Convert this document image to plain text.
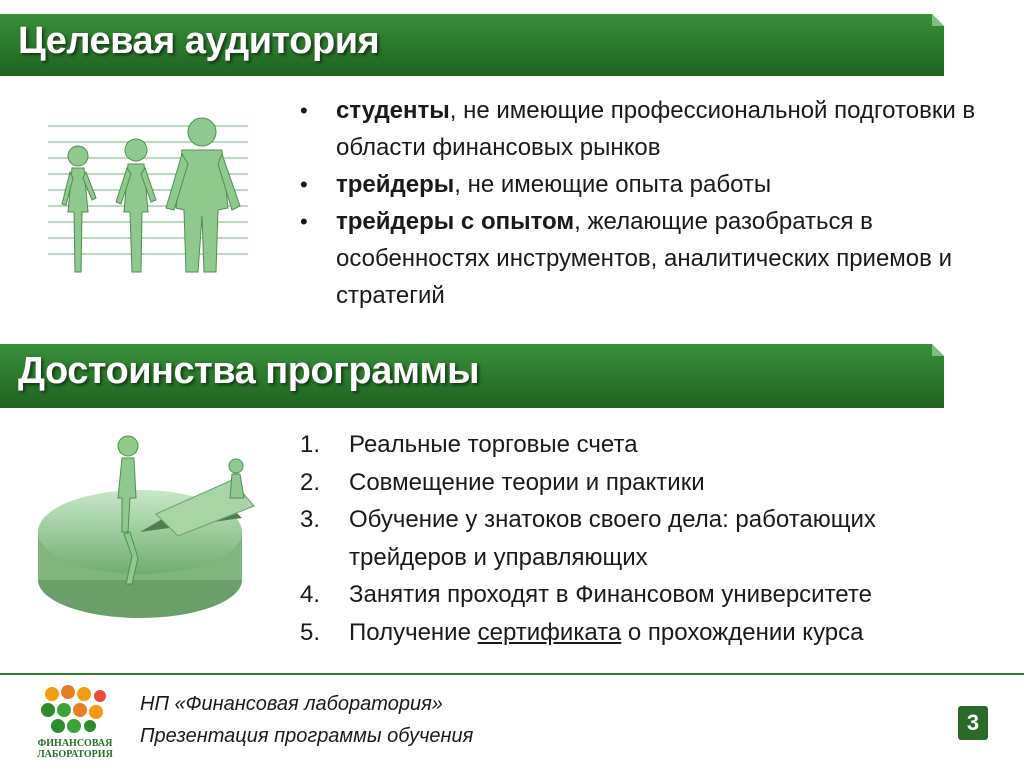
Целевая аудитория
• студенты, не имеющие профессиональной подготовки в области финансовых рынков
• трейдеры, не имеющие опыта работы
• трейдеры с опытом, желающие разобраться в особенностях инструментов, аналитических приемов и стратегий
Достоинства программы
1. Реальные торговые счета
2. Совмещение теории и практики
3. Обучение у знатоков своего дела: работающих трейдеров и управляющих
4. Занятия проходят в Финансовом университете
5. Получение сертификата о прохождении курса
ФИНАНСОВАЯ
ЛАБОРАТОРИЯ
НП «Финансовая лаборатория»
Презентация программы обучения
3
